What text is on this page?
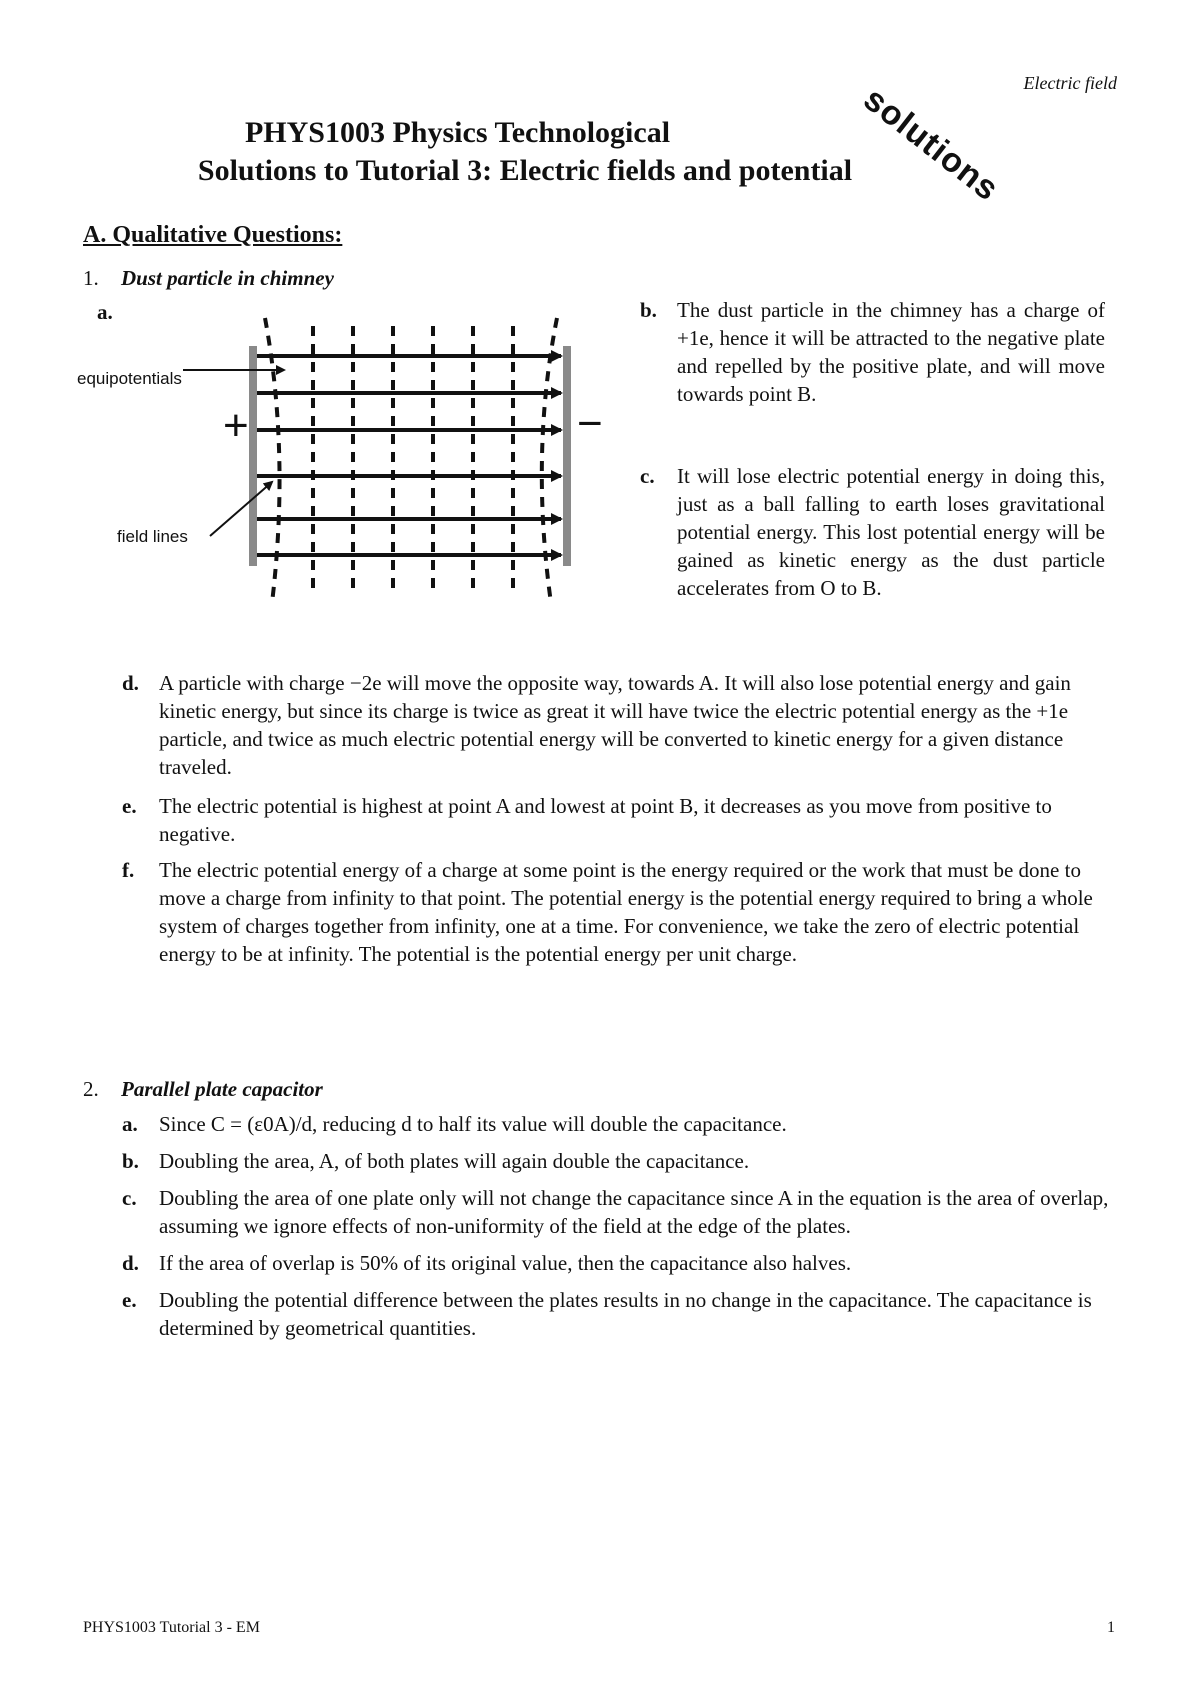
Electric field
solutions
PHYS1003 Physics Technological
Solutions to Tutorial 3: Electric fields and potential
A. Qualitative Questions:
1. Dust particle in chimney
a.
equipotentials
field lines
+	−
b. The dust particle in the chimney has a charge of +1e, hence it will be attracted to the negative plate and repelled by the positive plate, and will move towards point B.
c. It will lose electric potential energy in doing this, just as a ball falling to earth loses gravitational potential energy. This lost potential energy will be gained as kinetic energy as the dust particle accelerates from O to B.
d. A particle with charge −2e will move the opposite way, towards A. It will also lose potential energy and gain kinetic energy, but since its charge is twice as great it will have twice the electric potential energy as the +1e particle, and twice as much electric potential energy will be converted to kinetic energy for a given distance traveled.
e. The electric potential is highest at point A and lowest at point B, it decreases as you move from positive to negative.
f. The electric potential energy of a charge at some point is the energy required or the work that must be done to move a charge from infinity to that point. The potential energy is the potential energy required to bring a whole system of charges together from infinity, one at a time. For convenience, we take the zero of electric potential energy to be at infinity. The potential is the potential energy per unit charge.
2. Parallel plate capacitor
a. Since C = (ε0A)/d, reducing d to half its value will double the capacitance.
b. Doubling the area, A, of both plates will again double the capacitance.
c. Doubling the area of one plate only will not change the capacitance since A in the equation is the area of overlap, assuming we ignore effects of non-uniformity of the field at the edge of the plates.
d. If the area of overlap is 50% of its original value, then the capacitance also halves.
e. Doubling the potential difference between the plates results in no change in the capacitance. The capacitance is determined by geometrical quantities.
PHYS1003 Tutorial 3 - EM	1
